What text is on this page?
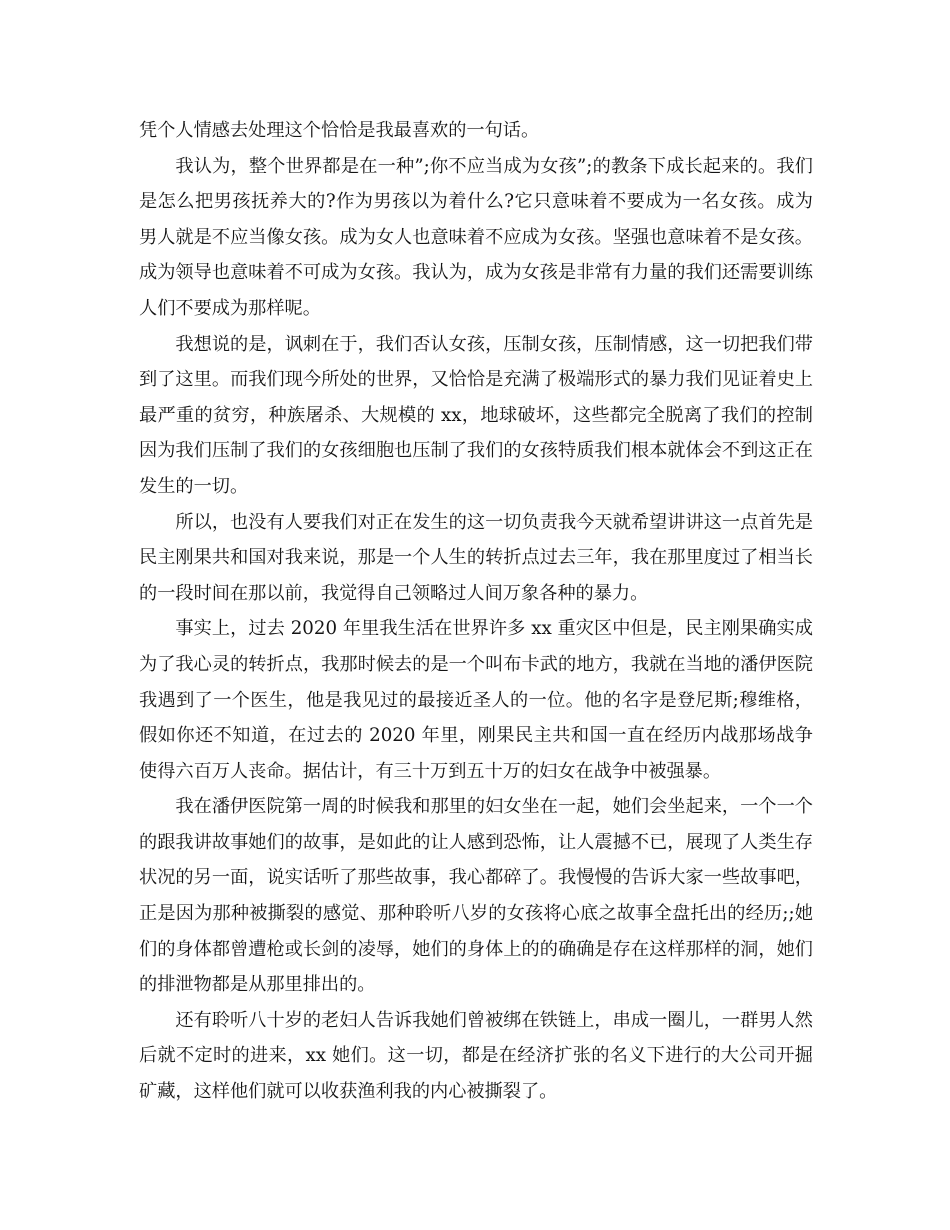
凭个人情感去处理这个恰恰是我最喜欢的一句话。

我认为，整个世界都是在一种”;你不应当成为女孩”;的教条下成长起来的。我们是怎么把男孩抚养大的?作为男孩以为着什么?它只意味着不要成为一名女孩。成为男人就是不应当像女孩。成为女人也意味着不应成为女孩。坚强也意味着不是女孩。成为领导也意味着不可成为女孩。我认为，成为女孩是非常有力量的我们还需要训练人们不要成为那样呢。

我想说的是，讽刺在于，我们否认女孩，压制女孩，压制情感，这一切把我们带到了这里。而我们现今所处的世界，又恰恰是充满了极端形式的暴力我们见证着史上最严重的贫穷，种族屠杀、大规模的 xx，地球破坏，这些都完全脱离了我们的控制因为我们压制了我们的女孩细胞也压制了我们的女孩特质我们根本就体会不到这正在发生的一切。

所以，也没有人要我们对正在发生的这一切负责我今天就希望讲讲这一点首先是民主刚果共和国对我来说，那是一个人生的转折点过去三年，我在那里度过了相当长的一段时间在那以前，我觉得自己领略过人间万象各种的暴力。

事实上，过去 2020 年里我生活在世界许多 xx 重灾区中但是，民主刚果确实成为了我心灵的转折点，我那时候去的是一个叫布卡武的地方，我就在当地的潘伊医院我遇到了一个医生，他是我见过的最接近圣人的一位。他的名字是登尼斯;穆维格，假如你还不知道，在过去的 2020 年里，刚果民主共和国一直在经历内战那场战争使得六百万人丧命。据估计，有三十万到五十万的妇女在战争中被强暴。

我在潘伊医院第一周的时候我和那里的妇女坐在一起，她们会坐起来，一个一个的跟我讲故事她们的故事，是如此的让人感到恐怖，让人震撼不已，展现了人类生存状况的另一面，说实话听了那些故事，我心都碎了。我慢慢的告诉大家一些故事吧，正是因为那种被撕裂的感觉、那种聆听八岁的女孩将心底之故事全盘托出的经历;;她们的身体都曾遭枪或长剑的凌辱，她们的身体上的的确确是存在这样那样的洞，她们的排泄物都是从那里排出的。

还有聆听八十岁的老妇人告诉我她们曾被绑在铁链上，串成一圈儿，一群男人然后就不定时的进来，xx 她们。这一切，都是在经济扩张的名义下进行的大公司开掘矿藏，这样他们就可以收获渔利我的内心被撕裂了。
